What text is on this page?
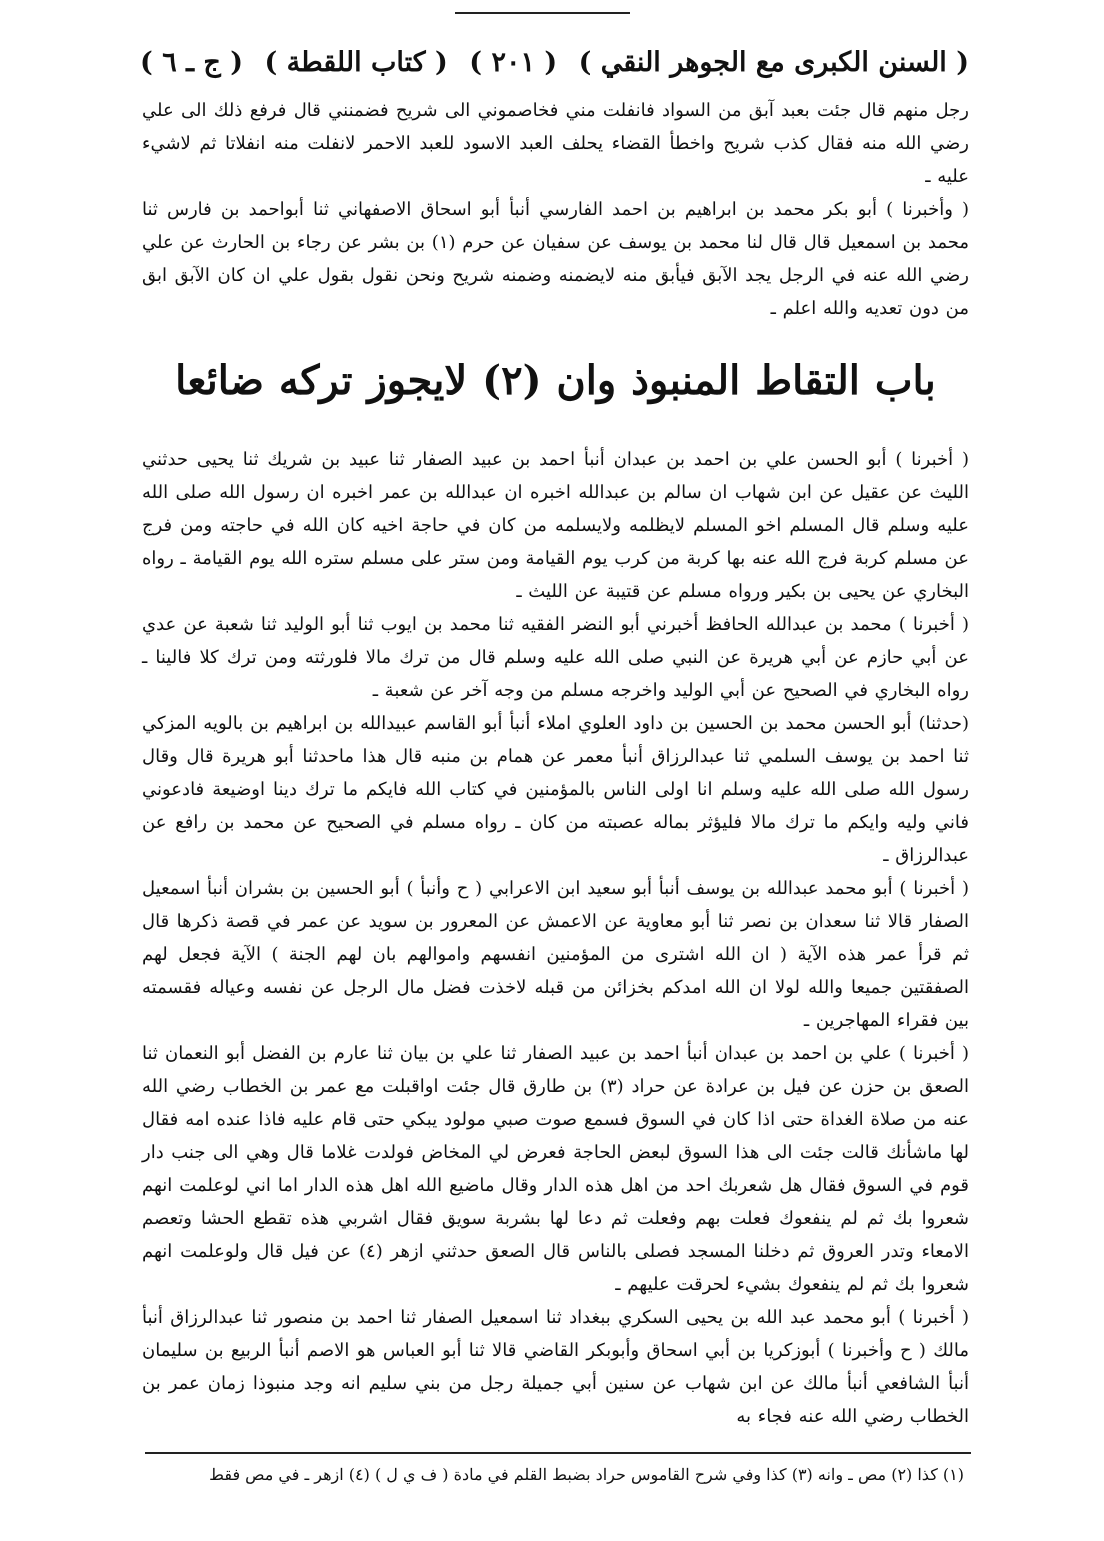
( السنن الكبرى مع الجوهر النقي )
( ٢٠١ )
( كتاب اللقطة )
( ج ـ ٦ )

رجل منهم قال جئت بعبد آبق من السواد فانفلت مني فخاصموني الى شريح فضمنني قال فرفع ذلك الى علي رضي الله منه فقال كذب شريح واخطأ القضاء يحلف العبد الاسود للعبد الاحمر لانفلت منه انفلاتا ثم لاشيء عليه ـ

( وأخبرنا ) أبو بكر محمد بن ابراهيم بن احمد الفارسي أنبأ أبو اسحاق الاصفهاني ثنا أبواحمد بن فارس ثنا محمد بن اسمعيل قال قال لنا محمد بن يوسف عن سفيان عن حرم (١) بن بشر عن رجاء بن الحارث عن علي رضي الله عنه في الرجل يجد الآبق فيأبق منه لايضمنه وضمنه شريح ونحن نقول بقول علي ان كان الآبق ابق من دون تعديه والله اعلم ـ

باب التقاط المنبوذ وان (٢) لايجوز تركه ضائعا

( أخبرنا ) أبو الحسن علي بن احمد بن عبدان أنبأ احمد بن عبيد الصفار ثنا عبيد بن شريك ثنا يحيى حدثني الليث عن عقيل عن ابن شهاب ان سالم بن عبدالله اخبره ان عبدالله بن عمر اخبره ان رسول الله صلى الله عليه وسلم قال المسلم اخو المسلم لايظلمه ولايسلمه من كان في حاجة اخيه كان الله في حاجته ومن فرج عن مسلم كربة فرج الله عنه بها كربة من كرب يوم القيامة ومن ستر على مسلم ستره الله يوم القيامة ـ رواه البخاري عن يحيى بن بكير ورواه مسلم عن قتيبة عن الليث ـ

( أخبرنا ) محمد بن عبدالله الحافظ أخبرني أبو النضر الفقيه ثنا محمد بن ايوب ثنا أبو الوليد ثنا شعبة عن عدي عن أبي حازم عن أبي هريرة عن النبي صلى الله عليه وسلم قال من ترك مالا فلورثته ومن ترك كلا فالينا ـ رواه البخاري في الصحيح عن أبي الوليد واخرجه مسلم من وجه آخر عن شعبة ـ

(حدثنا) أبو الحسن محمد بن الحسين بن داود العلوي املاء أنبأ أبو القاسم عبيدالله بن ابراهيم بن بالويه المزكي ثنا احمد بن يوسف السلمي ثنا عبدالرزاق أنبأ معمر عن همام بن منبه قال هذا ماحدثنا أبو هريرة قال وقال رسول الله صلى الله عليه وسلم انا اولى الناس بالمؤمنين في كتاب الله فايكم ما ترك دينا اوضيعة فادعوني فاني وليه وايكم ما ترك مالا فليؤثر بماله عصبته من كان ـ رواه مسلم في الصحيح عن محمد بن رافع عن عبدالرزاق ـ

( أخبرنا ) أبو محمد عبدالله بن يوسف أنبأ أبو سعيد ابن الاعرابي ( ح وأنبأ ) أبو الحسين بن بشران أنبأ اسمعيل الصفار قالا ثنا سعدان بن نصر ثنا أبو معاوية عن الاعمش عن المعرور بن سويد عن عمر في قصة ذكرها قال ثم قرأ عمر هذه الآية ( ان الله اشترى من المؤمنين انفسهم واموالهم بان لهم الجنة ) الآية فجعل لهم الصفقتين جميعا والله لولا ان الله امدكم بخزائن من قبله لاخذت فضل مال الرجل عن نفسه وعياله فقسمته بين فقراء المهاجرين ـ

( أخبرنا ) علي بن احمد بن عبدان أنبأ احمد بن عبيد الصفار ثنا علي بن بيان ثنا عارم بن الفضل أبو النعمان ثنا الصعق بن حزن عن فيل بن عرادة عن حراد (٣) بن طارق قال جئت اواقبلت مع عمر بن الخطاب رضي الله عنه من صلاة الغداة حتى اذا كان في السوق فسمع صوت صبي مولود يبكي حتى قام عليه فاذا عنده امه فقال لها ماشأنك قالت جئت الى هذا السوق لبعض الحاجة فعرض لي المخاض فولدت غلاما قال وهي الى جنب دار قوم في السوق فقال هل شعربك احد من اهل هذه الدار وقال ماضيع الله اهل هذه الدار اما اني لوعلمت انهم شعروا بك ثم لم ينفعوك فعلت بهم وفعلت ثم دعا لها بشربة سويق فقال اشربي هذه تقطع الحشا وتعصم الامعاء وتدر العروق ثم دخلنا المسجد فصلى بالناس قال الصعق حدثني ازهر (٤) عن فيل قال ولوعلمت انهم شعروا بك ثم لم ينفعوك بشيء لحرقت عليهم ـ

( أخبرنا ) أبو محمد عبد الله بن يحيى السكري ببغداد ثنا اسمعيل الصفار ثنا احمد بن منصور ثنا عبدالرزاق أنبأ مالك ( ح وأخبرنا ) أبوزكريا بن أبي اسحاق وأبوبكر القاضي قالا ثنا أبو العباس هو الاصم أنبأ الربيع بن سليمان أنبأ الشافعي أنبأ مالك عن ابن شهاب عن سنين أبي جميلة رجل من بني سليم انه وجد منبوذا زمان عمر بن الخطاب رضي الله عنه فجاء به

(١) كذا (٢) مص ـ وانه (٣) كذا وفي شرح القاموس حراد بضبط القلم في مادة ( ف ي ل ) (٤) ازهر ـ في مص فقط
